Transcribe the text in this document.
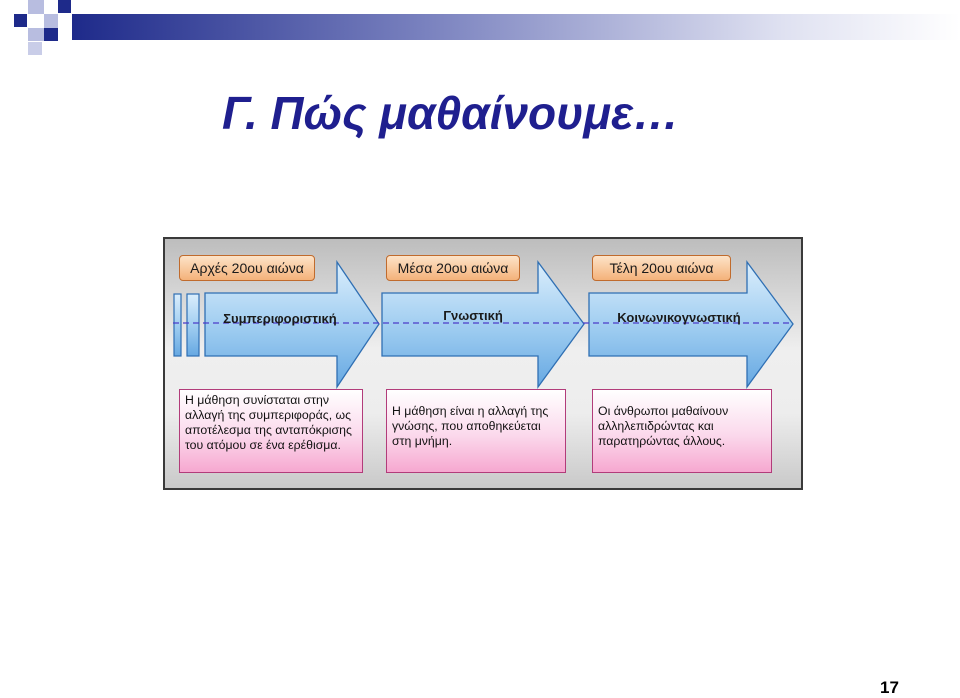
Γ. Πώς μαθαίνουμε…
Συμπεριφοριστική	Γνωστική	Κοινωνικογνωστική
Αρχές 20ου αιώνα	Μέσα 20ου αιώνα	Τέλη 20ου αιώνα
Η μάθηση συνίσταται στην αλλαγή της συμπεριφοράς, ως αποτέλεσμα της ανταπόκρισης του ατόμου σε ένα ερέθισμα.
Η μάθηση είναι η αλλαγή της γνώσης, που αποθηκεύεται στη μνήμη.
Οι άνθρωποι μαθαίνουν αλληλεπιδρώντας και παρατηρώντας άλλους.
17
